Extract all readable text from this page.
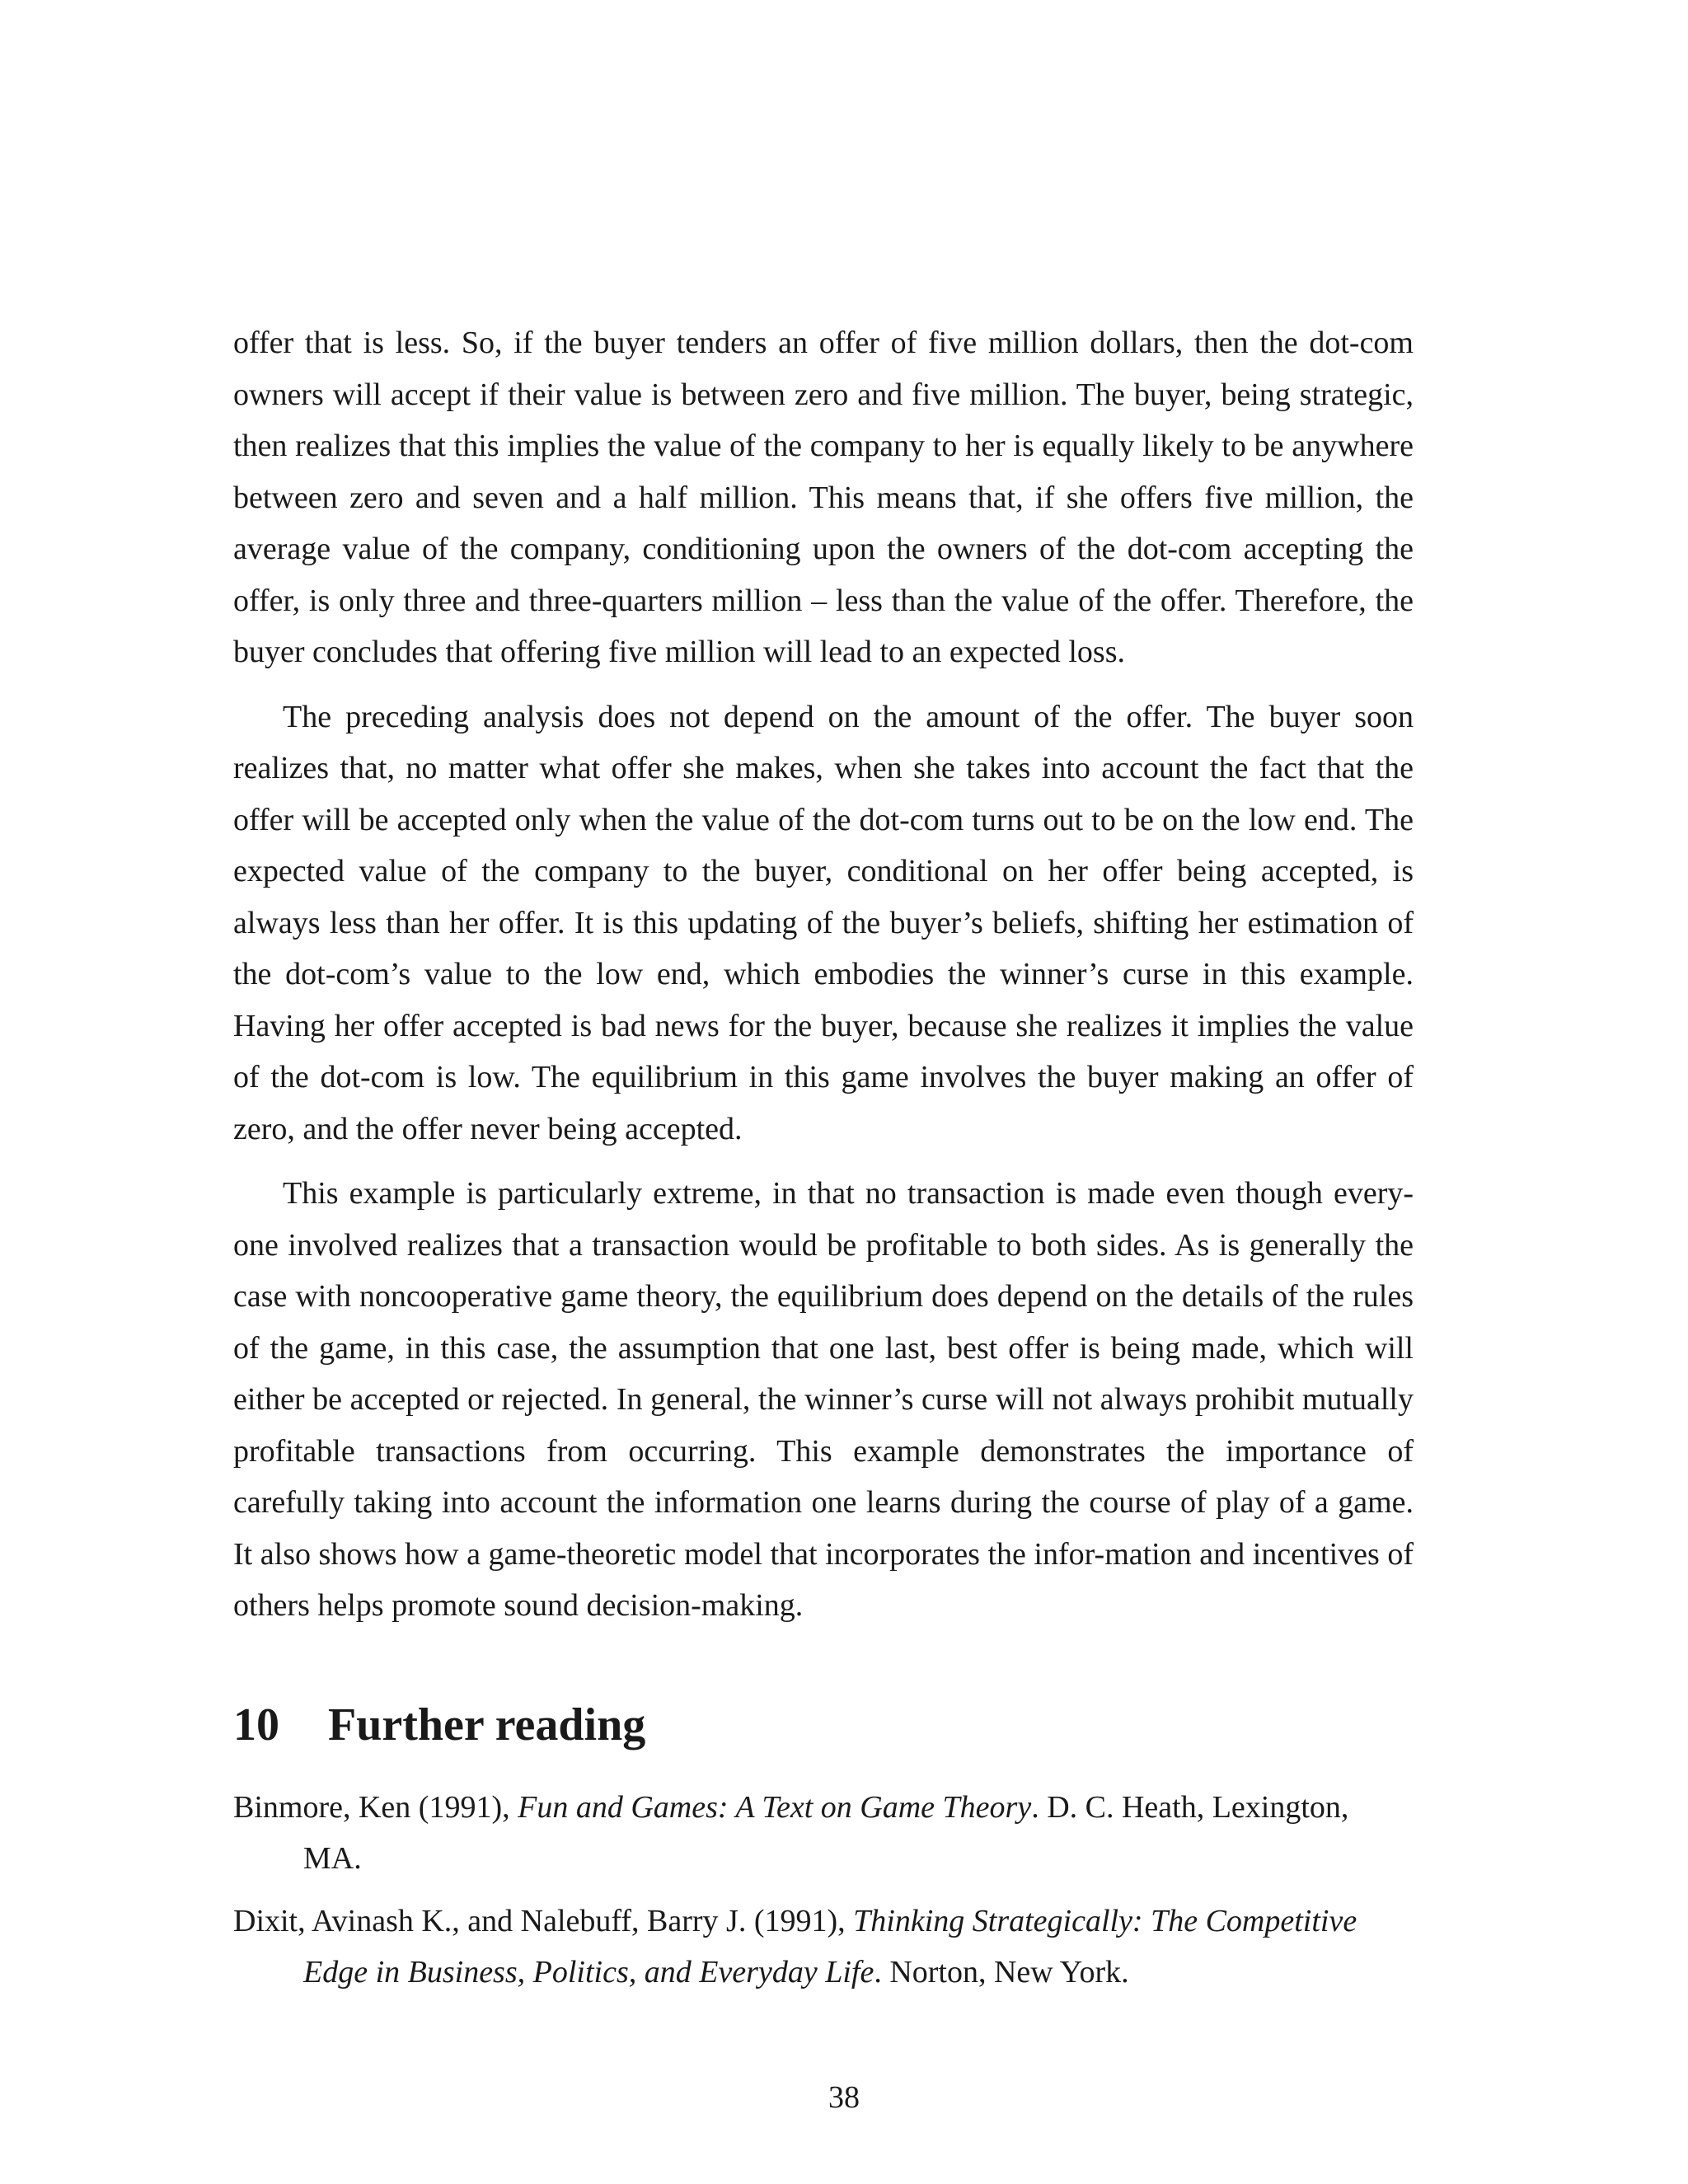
offer that is less. So, if the buyer tenders an offer of five million dollars, then the dot-com owners will accept if their value is between zero and five million. The buyer, being strategic, then realizes that this implies the value of the company to her is equally likely to be anywhere between zero and seven and a half million. This means that, if she offers five million, the average value of the company, conditioning upon the owners of the dot-com accepting the offer, is only three and three-quarters million – less than the value of the offer. Therefore, the buyer concludes that offering five million will lead to an expected loss.

The preceding analysis does not depend on the amount of the offer. The buyer soon realizes that, no matter what offer she makes, when she takes into account the fact that the offer will be accepted only when the value of the dot-com turns out to be on the low end. The expected value of the company to the buyer, conditional on her offer being accepted, is always less than her offer. It is this updating of the buyer’s beliefs, shifting her estimation of the dot-com’s value to the low end, which embodies the winner’s curse in this example. Having her offer accepted is bad news for the buyer, because she realizes it implies the value of the dot-com is low. The equilibrium in this game involves the buyer making an offer of zero, and the offer never being accepted.

This example is particularly extreme, in that no transaction is made even though every-one involved realizes that a transaction would be profitable to both sides. As is generally the case with noncooperative game theory, the equilibrium does depend on the details of the rules of the game, in this case, the assumption that one last, best offer is being made, which will either be accepted or rejected. In general, the winner’s curse will not always prohibit mutually profitable transactions from occurring. This example demonstrates the importance of carefully taking into account the information one learns during the course of play of a game. It also shows how a game-theoretic model that incorporates the infor-mation and incentives of others helps promote sound decision-making.

10	Further reading

Binmore, Ken (1991), Fun and Games: A Text on Game Theory. D. C. Heath, Lexington, MA.

Dixit, Avinash K., and Nalebuff, Barry J. (1991), Thinking Strategically: The Competitive Edge in Business, Politics, and Everyday Life. Norton, New York.

38
